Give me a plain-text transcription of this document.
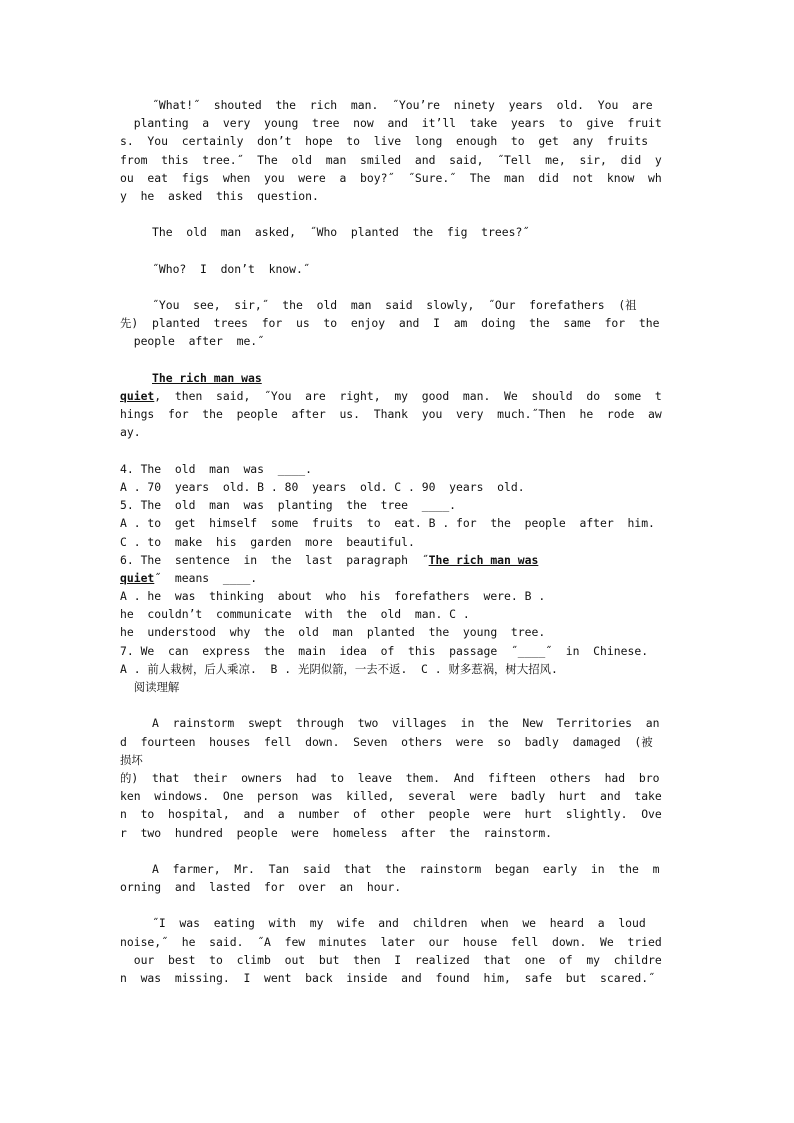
˝What!˝  shouted  the  rich  man.  ˝You’re  ninety  years  old.  You  are
planting  a  very  young  tree  now  and  it’ll  take  years  to  give  fruit
s.  You  certainly  don’t  hope  to  live  long  enough  to  get  any  fruits
from  this  tree.˝  The  old  man  smiled  and  said,  ˝Tell  me,  sir,  did  y
ou  eat  figs  when  you  were  a  boy?˝  ˝Sure.˝  The  man  did  not  know  wh
y  he  asked  this  question.
The  old  man  asked,  ˝Who  planted  the  fig  trees?˝
˝Who?  I  don’t  know.˝
˝You  see,  sir,˝  the  old  man  said  slowly,  ˝Our  forefathers  (祖
先)  planted  trees  for  us  to  enjoy  and  I  am  doing  the  same  for  the
people  after  me.˝
The rich man was
quiet,  then  said,  ˝You  are  right,  my  good  man.  We  should  do  some  t
hings  for  the  people  after  us.  Thank  you  very  much.˝Then  he  rode  aw
ay.
4. The  old  man  was  ____.
A . 70  years  old. B . 80  years  old. C . 90  years  old.
5. The  old  man  was  planting  the  tree  ____.
A . to  get  himself  some  fruits  to  eat. B . for  the  people  after  him.
C . to  make  his  garden  more  beautiful.
6. The  sentence  in  the  last  paragraph  ˝The rich man was
quiet˝  means  ____.
A . he  was  thinking  about  who  his  forefathers  were. B .
he  couldn’t  communicate  with  the  old  man. C .
he  understood  why  the  old  man  planted  the  young  tree.
7. We  can  express  the  main  idea  of  this  passage  ˝____˝  in  Chinese.
A . 前人栽树，后人乘凉.  B . 光阴似箭，一去不返.  C . 财多惹祸，树大招风.
阅读理解
A  rainstorm  swept  through  two  villages  in  the  New  Territories  an
d  fourteen  houses  fell  down.  Seven  others  were  so  badly  damaged  (被
损坏
的)  that  their  owners  had  to  leave  them.  And  fifteen  others  had  bro
ken  windows.  One  person  was  killed,  several  were  badly  hurt  and  take
n  to  hospital,  and  a  number  of  other  people  were  hurt  slightly.  Ove
r  two  hundred  people  were  homeless  after  the  rainstorm.
A  farmer,  Mr.  Tan  said  that  the  rainstorm  began  early  in  the  m
orning  and  lasted  for  over  an  hour.
˝I  was  eating  with  my  wife  and  children  when  we  heard  a  loud
noise,˝  he  said.  ˝A  few  minutes  later  our  house  fell  down.  We  tried
our  best  to  climb  out  but  then  I  realized  that  one  of  my  childre
n  was  missing.  I  went  back  inside  and  found  him,  safe  but  scared.˝
